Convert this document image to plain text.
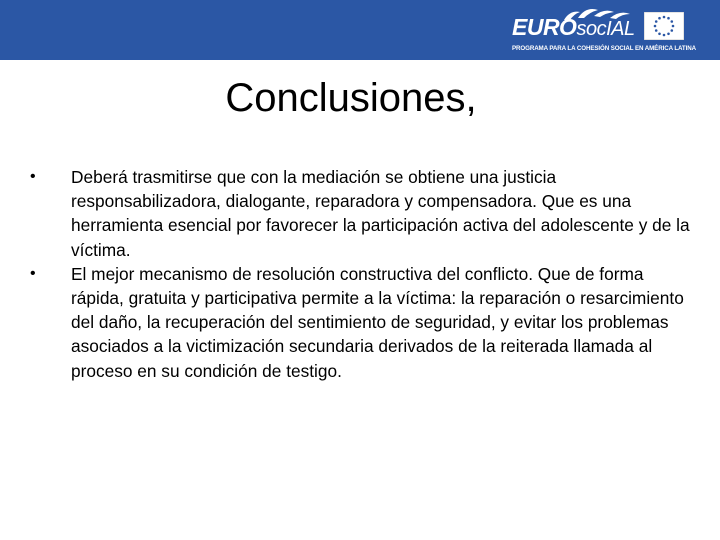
EUROsocIAL
PROGRAMA PARA LA COHESIÓN SOCIAL EN AMÉRICA LATINA
Conclusiones,
•	Deberá trasmitirse que con la mediación se obtiene una justicia responsabilizadora, dialogante, reparadora y compensadora. Que es una herramienta esencial por favorecer la participación activa del adolescente y de la víctima.
•	El mejor mecanismo de resolución constructiva del conflicto. Que de forma rápida, gratuita y participativa permite a la víctima: la reparación o resarcimiento del daño, la recuperación del sentimiento de seguridad, y evitar los problemas asociados a la victimización secundaria derivados de la reiterada llamada al proceso en su condición de testigo.
